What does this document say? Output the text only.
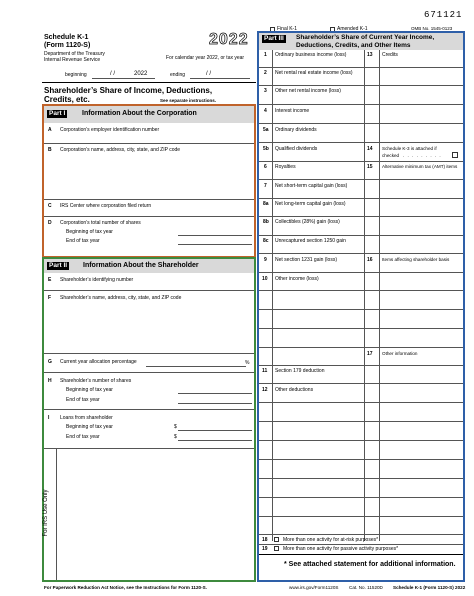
671121
Final K-1	Amended K-1	OMB No. 1545-0123
Schedule K-1
(Form 1120-S)	2022
Department of the Treasury
Internal Revenue Service	For calendar year 2022, or tax year
beginning	/ /	2022	ending	/ /
Shareholder’s Share of Income, Deductions,
Credits, etc.	See separate instructions.
Part I Information About the Corporation
A Corporation’s employer identification number
B Corporation’s name, address, city, state, and ZIP code
C IRS Center where corporation filed return
D Corporation’s total number of shares
Beginning of tax year
End of tax year
Part II Information About the Shareholder
E Shareholder’s identifying number
F Shareholder’s name, address, city, state, and ZIP code
G Current year allocation percentage	%
H Shareholder’s number of shares
Beginning of tax year
End of tax year
I Loans from shareholder
Beginning of tax year	$
End of tax year	$
For IRS Use Only
Part III	Shareholder’s Share of Current Year Income,
Deductions, Credits, and Other Items
1 Ordinary business income (loss)
2 Net rental real estate income (loss)
3 Other net rental income (loss)
4 Interest income
5a Ordinary dividends
5b Qualified dividends
6 Royalties
7 Net short-term capital gain (loss)
8a Net long-term capital gain (loss)
8b Collectibles (28%) gain (loss)
8c Unrecaptured section 1250 gain
9 Net section 1231 gain (loss)
10 Other income (loss)
11 Section 179 deduction
12 Other deductions
13 Credits
14 Schedule K-3 is attached if
checked . . . . . . . . .
15 Alternative minimum tax (AMT) items
16 Items affecting shareholder basis
17 Other information
18	More than one activity for at-risk purposes*
19	More than one activity for passive activity purposes*
* See attached statement for additional information.
For Paperwork Reduction Act Notice, see the Instructions for Form 1120-S.	www.irs.gov/Form1120S Cat. No. 11520D Schedule K-1 (Form 1120-S) 2022
